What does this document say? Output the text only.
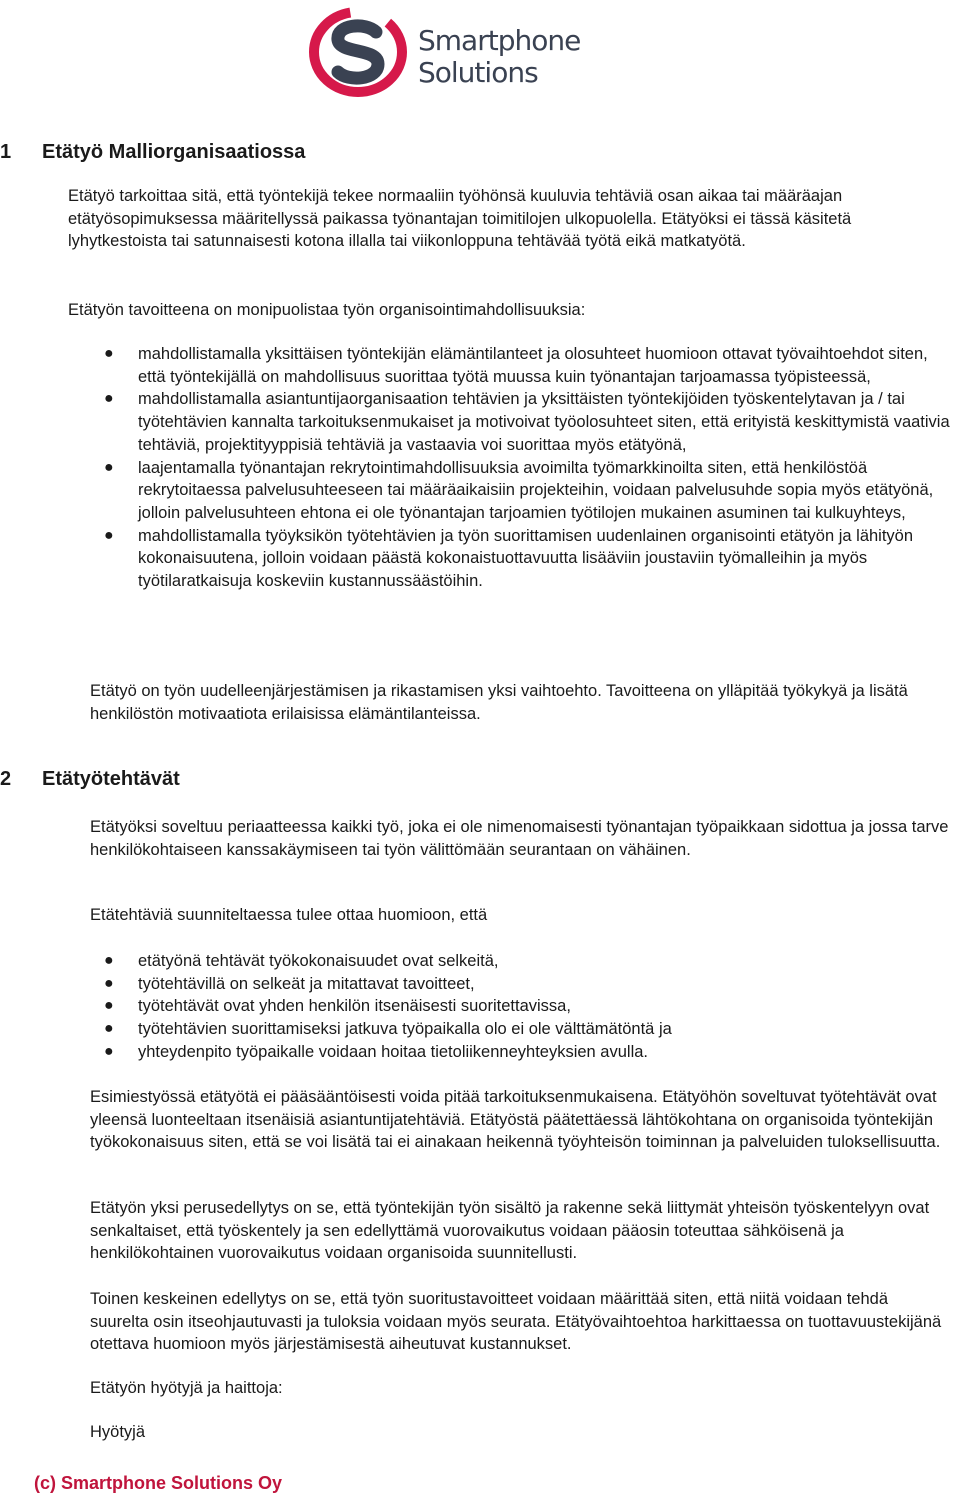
Smartphone
Solutions
1 Etätyö Malliorganisaatiossa

Etätyö tarkoittaa sitä, että työntekijä tekee normaaliin työhönsä kuuluvia tehtäviä osan aikaa tai määräajan etätyösopimuksessa määritellyssä paikassa työnantajan toimitilojen ulkopuolella. Etätyöksi ei tässä käsitetä lyhytkestoista tai satunnaisesti kotona illalla tai viikonloppuna tehtävää työtä eikä matkatyötä.

Etätyön tavoitteena on monipuolistaa työn organisointimahdollisuuksia:

● mahdollistamalla yksittäisen työntekijän elämäntilanteet ja olosuhteet huomioon ottavat työvaihtoehdot siten, että työntekijällä on mahdollisuus suorittaa työtä muussa kuin työnantajan tarjoamassa työpisteessä,
● mahdollistamalla asiantuntijaorganisaation tehtävien ja yksittäisten työntekijöiden työskentelytavan ja / tai työtehtävien kannalta tarkoituksenmukaiset ja motivoivat työolosuhteet siten, että erityistä keskittymistä vaativia tehtäviä, projektityyppisiä tehtäviä ja vastaavia voi suorittaa myös etätyönä,
● laajentamalla työnantajan rekrytointimahdollisuuksia avoimilta työmarkkinoilta siten, että henkilöstöä rekrytoitaessa palvelusuhteeseen tai määräaikaisiin projekteihin, voidaan palvelusuhde sopia myös etätyönä, jolloin palvelusuhteen ehtona ei ole työnantajan tarjoamien työtilojen mukainen asuminen tai kulkuyhteys,
● mahdollistamalla työyksikön työtehtävien ja työn suorittamisen uudenlainen organisointi etätyön ja lähityön kokonaisuutena, jolloin voidaan päästä kokonaistuottavuutta lisääviin joustaviin työmalleihin ja myös työtilaratkaisuja koskeviin kustannussäästöihin.

Etätyö on työn uudelleenjärjestämisen ja rikastamisen yksi vaihtoehto. Tavoitteena on ylläpitää työkykyä ja lisätä henkilöstön motivaatiota erilaisissa elämäntilanteissa.

2 Etätyötehtävät

Etätyöksi soveltuu periaatteessa kaikki työ, joka ei ole nimenomaisesti työnantajan työpaikkaan sidottua ja jossa tarve henkilökohtaiseen kanssakäymiseen tai työn välittömään seurantaan on vähäinen.

Etätehtäviä suunniteltaessa tulee ottaa huomioon, että

● etätyönä tehtävät työkokonaisuudet ovat selkeitä,
● työtehtävillä on selkeät ja mitattavat tavoitteet,
● työtehtävät ovat yhden henkilön itsenäisesti suoritettavissa,
● työtehtävien suorittamiseksi jatkuva työpaikalla olo ei ole välttämätöntä ja
● yhteydenpito työpaikalle voidaan hoitaa tietoliikenneyhteyksien avulla.

Esimiestyössä etätyötä ei pääsääntöisesti voida pitää tarkoituksenmukaisena. Etätyöhön soveltuvat työtehtävät ovat yleensä luonteeltaan itsenäisiä asiantuntijatehtäviä. Etätyöstä päätettäessä lähtökohtana on organisoida työntekijän työkokonaisuus siten, että se voi lisätä tai ei ainakaan heikennä työyhteisön toiminnan ja palveluiden tuloksellisuutta.

Etätyön yksi perusedellytys on se, että työntekijän työn sisältö ja rakenne sekä liittymät yhteisön työskentelyyn ovat senkaltaiset, että työskentely ja sen edellyttämä vuorovaikutus voidaan pääosin toteuttaa sähköisenä ja henkilökohtainen vuorovaikutus voidaan organisoida suunnitellusti.

Toinen keskeinen edellytys on se, että työn suoritustavoitteet voidaan määrittää siten, että niitä voidaan tehdä suurelta osin itseohjautuvasti ja tuloksia voidaan myös seurata. Etätyövaihtoehtoa harkittaessa on tuottavuustekijänä otettava huomioon myös järjestämisestä aiheutuvat kustannukset.

Etätyön hyötyjä ja haittoja:

Hyötyjä

(c) Smartphone Solutions Oy
